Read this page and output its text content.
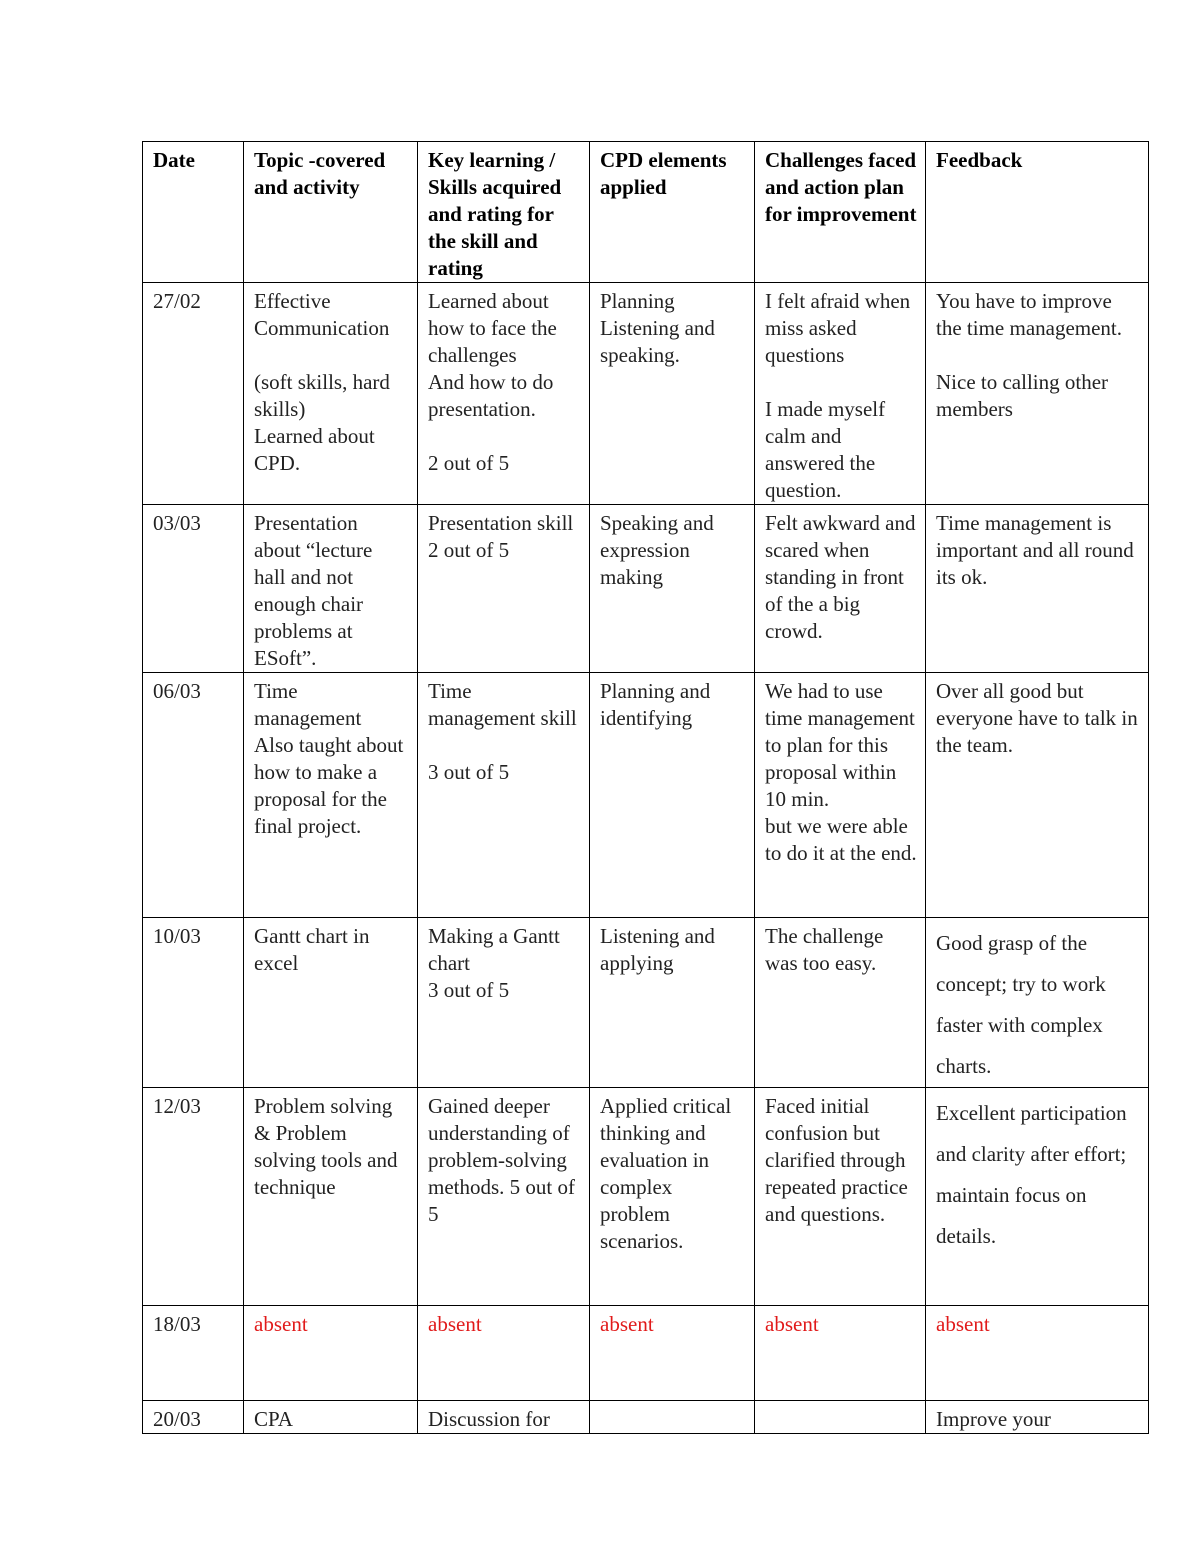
Date	Topic -covered and activity	Key learning / Skills acquired and rating for the skill and rating	CPD elements applied	Challenges faced and action plan for improvement	Feedback
27/02	Effective Communication

(soft skills, hard skills)
Learned about CPD.	Learned about how to face the challenges
And how to do presentation.

2 out of 5	Planning
Listening and speaking.	I felt afraid when miss asked questions

I made myself calm and answered the question.	You have to improve the time management.

Nice to calling other members
03/03	Presentation about “lecture hall and not enough chair problems at ESoft”.	Presentation skill
2 out of 5	Speaking and expression making	Felt awkward and scared when standing in front of the a big crowd.	Time management is important and all round its ok.
06/03	Time management
Also taught about how to make a proposal for the final project.	Time management skill

3 out of 5	Planning and identifying	We had to use time management to plan for this proposal within 10 min.
but we were able to do it at the end.	Over all good but everyone have to talk in the team.
10/03	Gantt chart in excel	Making a Gantt chart
3 out of 5	Listening and applying	The challenge was too easy.	Good grasp of the concept; try to work faster with complex charts.
12/03	Problem solving & Problem solving tools and technique	Gained deeper understanding of problem-solving methods. 5 out of 5	Applied critical thinking and evaluation in complex problem scenarios.	Faced initial confusion but clarified through repeated practice and questions.	Excellent participation and clarity after effort; maintain focus on details.
18/03	absent	absent	absent	absent	absent
20/03	CPA	Discussion for			Improve your
